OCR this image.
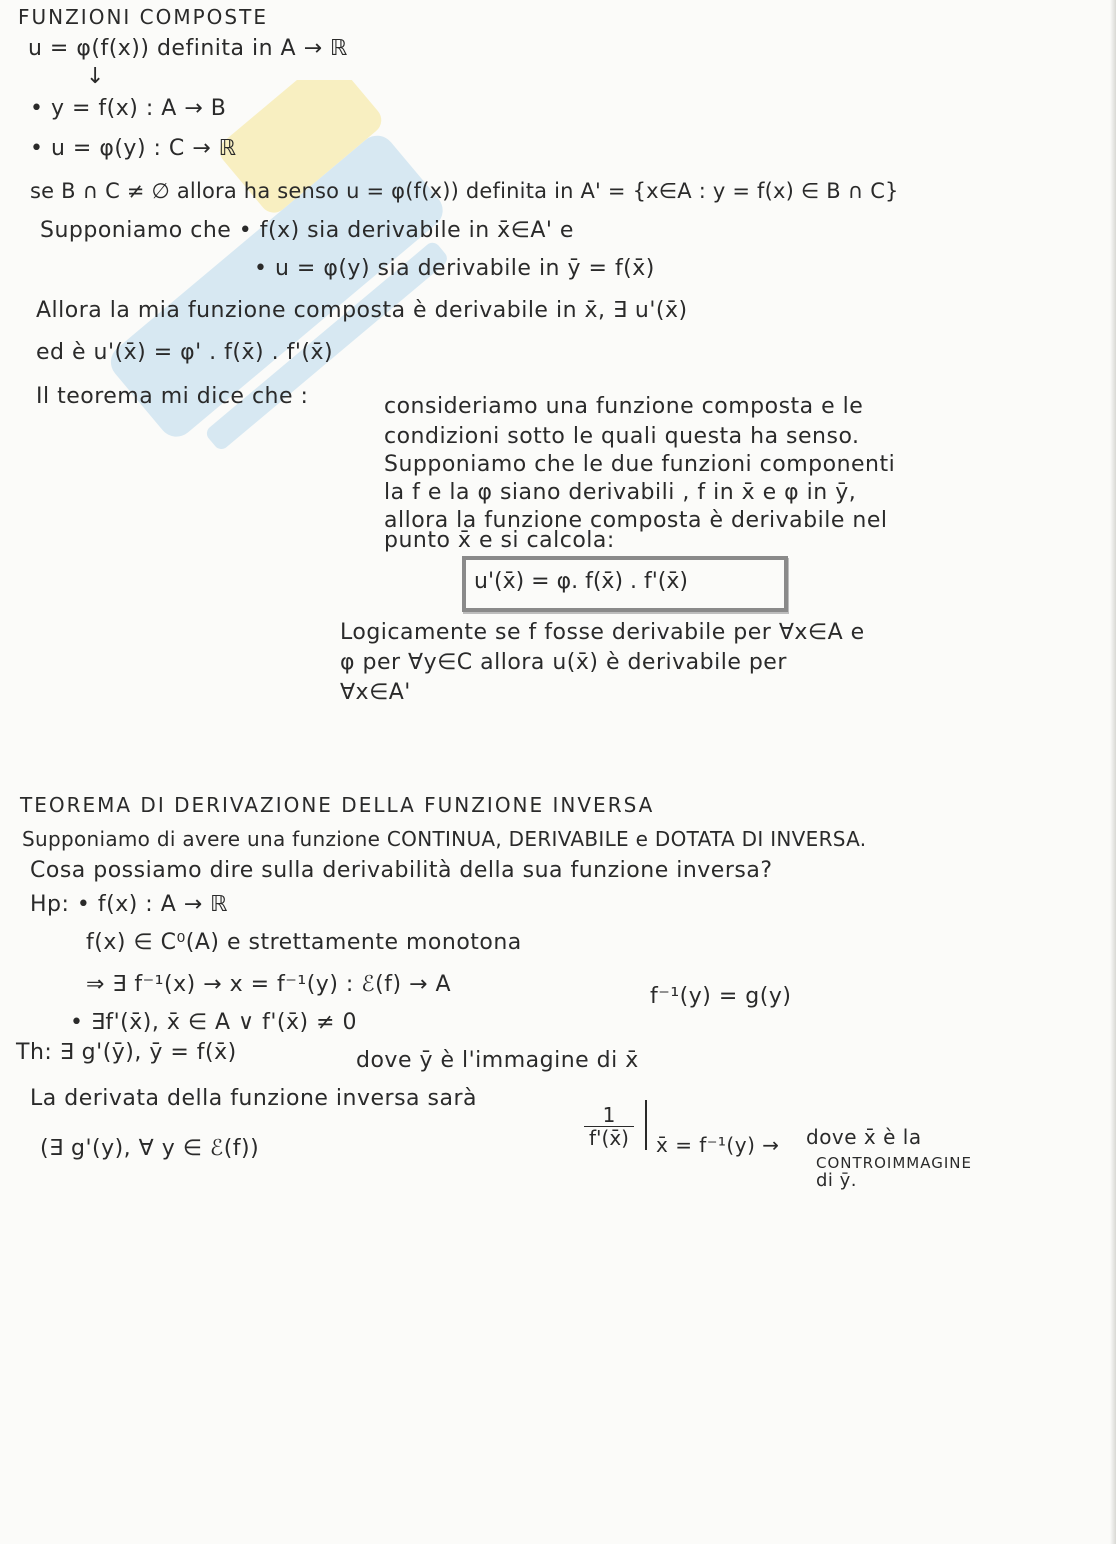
FUNZIONI COMPOSTE
u = φ(f(x)) definita in A → ℝ
↓
• y = f(x) : A → B
• u = φ(y) : C → ℝ
se B ∩ C ≠ ∅ allora ha senso u = φ(f(x)) definita in A' = {x∈A : y = f(x) ∈ B ∩ C}
Supponiamo che • f(x) sia derivabile in x̄∈A' e
• u = φ(y) sia derivabile in ȳ = f(x̄)
Allora la mia funzione composta è derivabile in x̄, ∃ u'(x̄)
ed è u'(x̄) = φ' . f(x̄) . f'(x̄)
Il teorema mi dice che :	consideriamo una funzione composta e le
condizioni sotto le quali questa ha senso.
Supponiamo che le due funzioni componenti
la f e la φ siano derivabili , f in x̄ e φ in ȳ,
allora la funzione composta è derivabile nel
punto x̄ e si calcola:
u'(x̄) = φ. f(x̄) . f'(x̄)
Logicamente se f fosse derivabile per ∀x∈A e
φ per ∀y∈C allora u(x̄) è derivabile per
∀x∈A'
TEOREMA DI DERIVAZIONE DELLA FUNZIONE INVERSA
Supponiamo di avere una funzione CONTINUA, DERIVABILE e DOTATA DI INVERSA.
Cosa possiamo dire sulla derivabilità della sua funzione inversa?
Hp: • f(x) : A → ℝ
f(x) ∈ C⁰(A) e strettamente monotona
⇒ ∃ f⁻¹(x) → x = f⁻¹(y) : ℰ(f) → A	f⁻¹(y) = g(y)
• ∃f'(x̄), x̄ ∈ A ∨ f'(x̄) ≠ 0
Th: ∃ g'(ȳ), ȳ = f(x̄)	dove ȳ è l'immagine di x̄
La derivata della funzione inversa sarà
$\frac{1}{f'(x̄)}$ x̄ = f⁻¹(y) → dove x̄ è la
CONTROIMMAGINE
di ȳ.
(∃ g'(y), ∀ y ∈ ℰ(f))
